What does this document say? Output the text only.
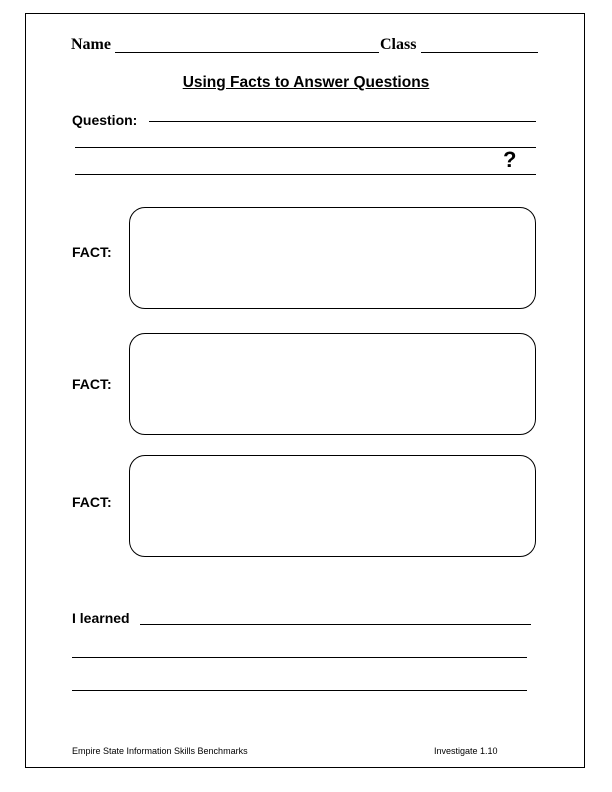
Name	Class
Using Facts to Answer Questions
Question:
?
FACT:
FACT:
FACT:
I learned
Empire State Information Skills Benchmarks	Investigate 1.10
